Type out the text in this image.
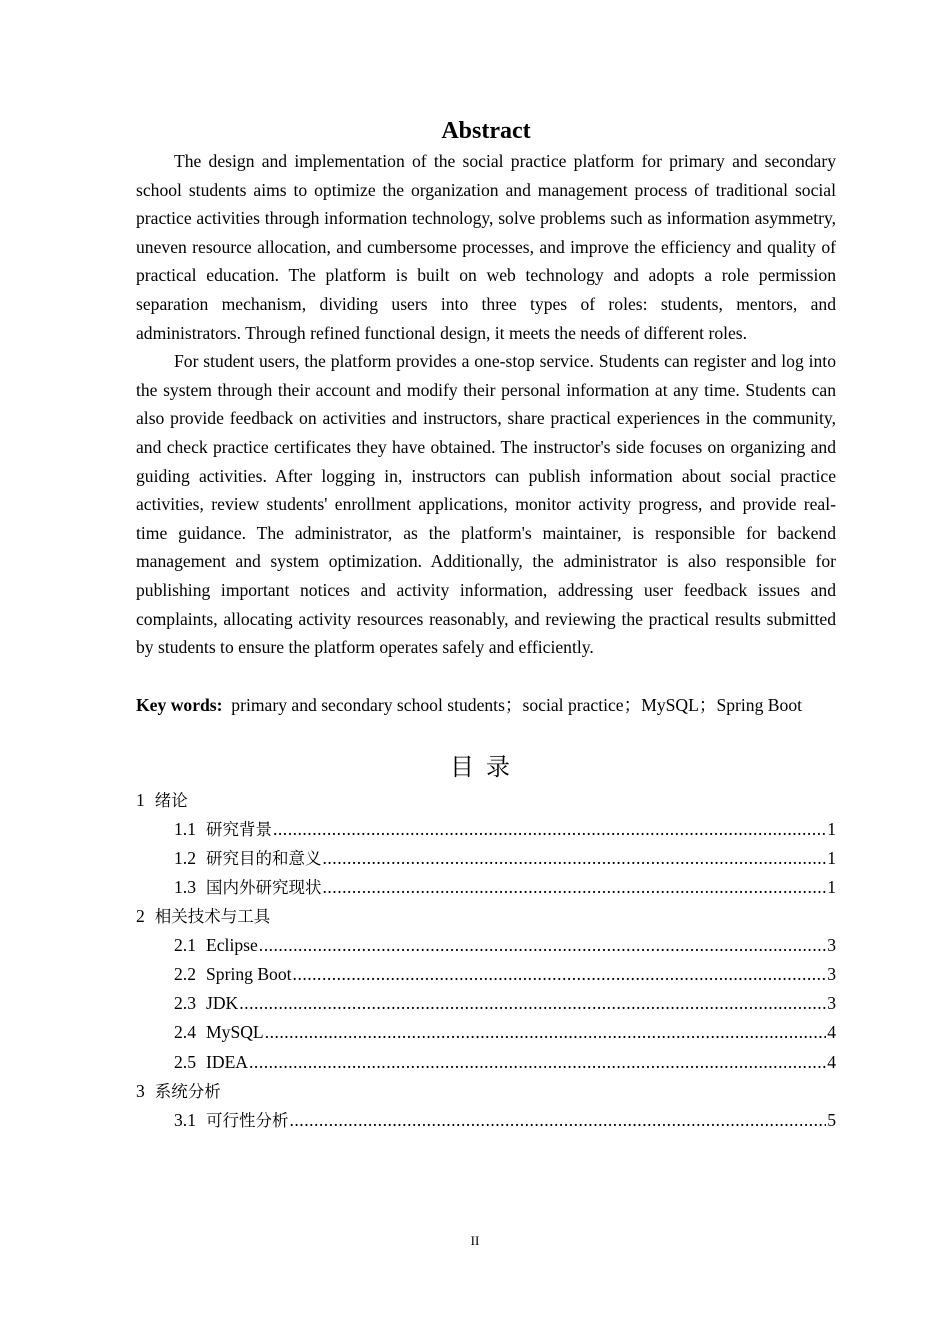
Abstract

The design and implementation of the social practice platform for primary and secondary school students aims to optimize the organization and management process of traditional social practice activities through information technology, solve problems such as information asymmetry, uneven resource allocation, and cumbersome processes, and improve the efficiency and quality of practical education. The platform is built on web technology and adopts a role permission separation mechanism, dividing users into three types of roles: students, mentors, and administrators. Through refined functional design, it meets the needs of different roles.

For student users, the platform provides a one-stop service. Students can register and log into the system through their account and modify their personal information at any time. Students can also provide feedback on activities and instructors, share practical experiences in the community, and check practice certificates they have obtained. The instructor's side focuses on organizing and guiding activities. After logging in, instructors can publish information about social practice activities, review students' enrollment applications, monitor activity progress, and provide real-time guidance. The administrator, as the platform's maintainer, is responsible for backend management and system optimization. Additionally, the administrator is also responsible for publishing important notices and activity information, addressing user feedback issues and complaints, allocating activity resources reasonably, and reviewing the practical results submitted by students to ensure the platform operates safely and efficiently.

Key words: primary and secondary school students；social practice；MySQL；Spring Boot

目录
1 绪论
1.1 研究背景 .....	1
1.2 研究目的和意义 .....	1
1.3 国内外研究现状 .....	1
2 相关技术与工具
2.1 Eclipse .....	3
2.2 Spring Boot .....	3
2.3 JDK .....	3
2.4 MySQL .....	4
2.5 IDEA .....	4
3 系统分析
3.1 可行性分析 .....	5
II
